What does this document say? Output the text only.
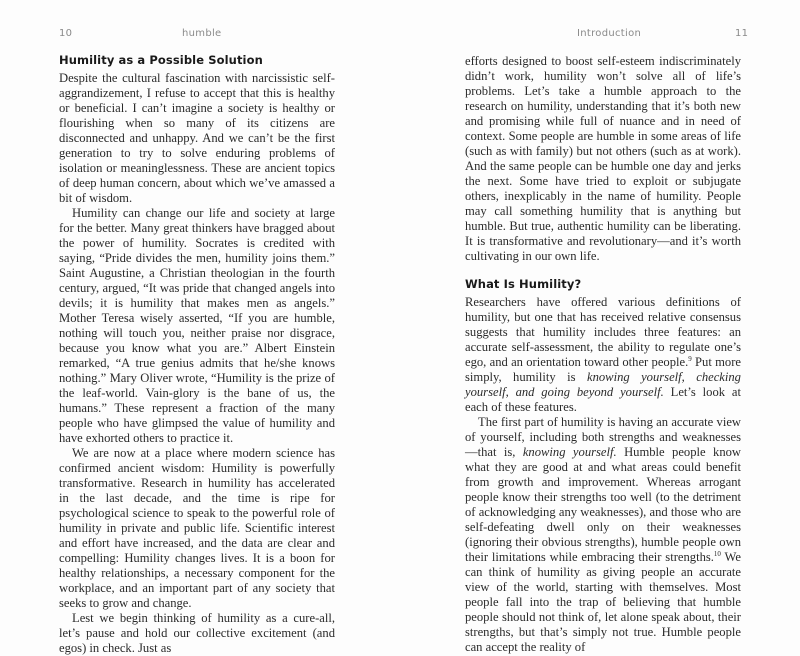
10	humble
Humility as a Possible Solution

Despite the cultural fascination with narcissistic self-aggrandizement, I refuse to accept that this is healthy or beneficial. I can’t imagine a society is healthy or flourishing when so many of its citizens are disconnected and unhappy. And we can’t be the first generation to try to solve enduring problems of isolation or meaninglessness. These are ancient topics of deep human concern, about which we’ve amassed a bit of wisdom.

Humility can change our life and society at large for the better. Many great thinkers have bragged about the power of humility. Socrates is credited with saying, “Pride divides the men, humility joins them.” Saint Augustine, a Christian theologian in the fourth century, argued, “It was pride that changed angels into devils; it is humility that makes men as angels.” Mother Teresa wisely asserted, “If you are humble, nothing will touch you, neither praise nor disgrace, because you know what you are.” Albert Einstein remarked, “A true genius admits that he/she knows nothing.” Mary Oliver wrote, “Humility is the prize of the leaf-world. Vain-glory is the bane of us, the humans.” These represent a fraction of the many people who have glimpsed the value of humility and have exhorted others to practice it.

We are now at a place where modern science has confirmed ancient wisdom: Humility is powerfully transformative. Research in humility has accelerated in the last decade, and the time is ripe for psychological science to speak to the powerful role of humility in private and public life. Scientific interest and effort have increased, and the data are clear and compelling: Humility changes lives. It is a boon for healthy relationships, a necessary component for the workplace, and an important part of any society that seeks to grow and change.

Lest we begin thinking of humility as a cure-all, let’s pause and hold our collective excitement (and egos) in check. Just as

Introduction	11

efforts designed to boost self-esteem indiscriminately didn’t work, humility won’t solve all of life’s problems. Let’s take a humble approach to the research on humility, understanding that it’s both new and promising while full of nuance and in need of context. Some people are humble in some areas of life (such as with family) but not others (such as at work). And the same people can be humble one day and jerks the next. Some have tried to exploit or subjugate others, inexplicably in the name of humility. People may call something humility that is anything but humble. But true, authentic humility can be liberating. It is transformative and revolutionary—and it’s worth cultivating in our own life.

What Is Humility?

Researchers have offered various definitions of humility, but one that has received relative consensus suggests that humility includes three features: an accurate self-assessment, the ability to regulate one’s ego, and an orientation toward other people.$^9$ Put more simply, humility is knowing yourself, checking yourself, and going beyond yourself. Let’s look at each of these features.

The first part of humility is having an accurate view of yourself, including both strengths and weaknesses—that is, knowing yourself. Humble people know what they are good at and what areas could benefit from growth and improvement. Whereas arrogant people know their strengths too well (to the detriment of acknowledging any weaknesses), and those who are self-defeating dwell only on their weaknesses (ignoring their obvious strengths), humble people own their limitations while embracing their strengths.$^{10}$ We can think of humility as giving people an accurate view of the world, starting with themselves. Most people fall into the trap of believing that humble people should not think of, let alone speak about, their strengths, but that’s simply not true. Humble people can accept the reality of
